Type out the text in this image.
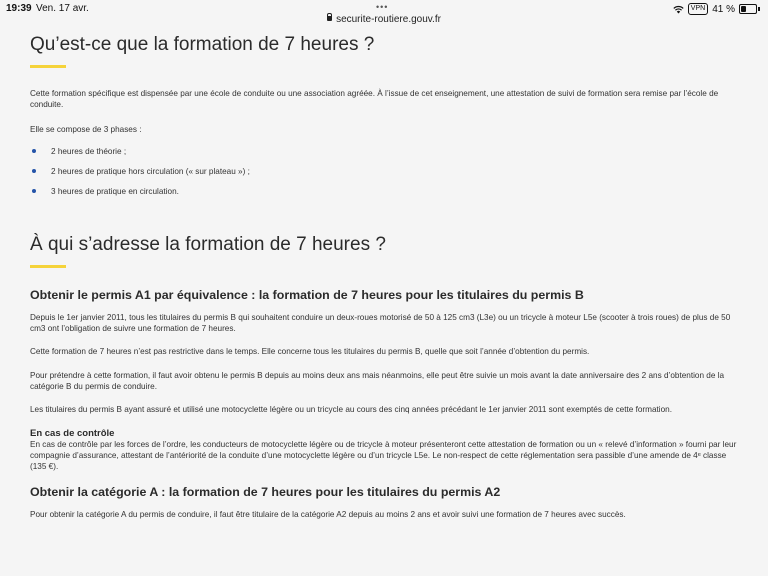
19:39 Ven. 17 avr.	•••	VPN 41 %
securite-routiere.gouv.fr
Qu’est-ce que la formation de 7 heures ?

Cette formation spécifique est dispensée par une école de conduite ou une association agréée. À l’issue de cet enseignement, une attestation de suivi de formation sera remise par l’école de conduite.

Elle se compose de 3 phases :

2 heures de théorie ;
2 heures de pratique hors circulation (« sur plateau ») ;
3 heures de pratique en circulation.
À qui s’adresse la formation de 7 heures ?
Obtenir le permis A1 par équivalence : la formation de 7 heures pour les titulaires du permis B

Depuis le 1er janvier 2011, tous les titulaires du permis B qui souhaitent conduire un deux-roues motorisé de 50 à 125 cm3 (L3e) ou un tricycle à moteur L5e (scooter à trois roues) de plus de 50 cm3 ont l’obligation de suivre une formation de 7 heures.

Cette formation de 7 heures n’est pas restrictive dans le temps. Elle concerne tous les titulaires du permis B, quelle que soit l’année d’obtention du permis.

Pour prétendre à cette formation, il faut avoir obtenu le permis B depuis au moins deux ans mais néanmoins, elle peut être suivie un mois avant la date anniversaire des 2 ans d’obtention de la catégorie B du permis de conduire.

Les titulaires du permis B ayant assuré et utilisé une motocyclette légère ou un tricycle au cours des cinq années précédant le 1er janvier 2011 sont exemptés de cette formation.

En cas de contrôle

En cas de contrôle par les forces de l’ordre, les conducteurs de motocyclette légère ou de tricycle à moteur présenteront cette attestation de formation ou un « relevé d’information » fourni par leur compagnie d’assurance, attestant de l’antériorité de la conduite d’une motocyclette légère ou d’un tricycle L5e. Le non-respect de cette réglementation sera passible d’une amende de 4ᵉ classe (135 €).

Obtenir la catégorie A : la formation de 7 heures pour les titulaires du permis A2

Pour obtenir la catégorie A du permis de conduire, il faut être titulaire de la catégorie A2 depuis au moins 2 ans et avoir suivi une formation de 7 heures avec succès.
